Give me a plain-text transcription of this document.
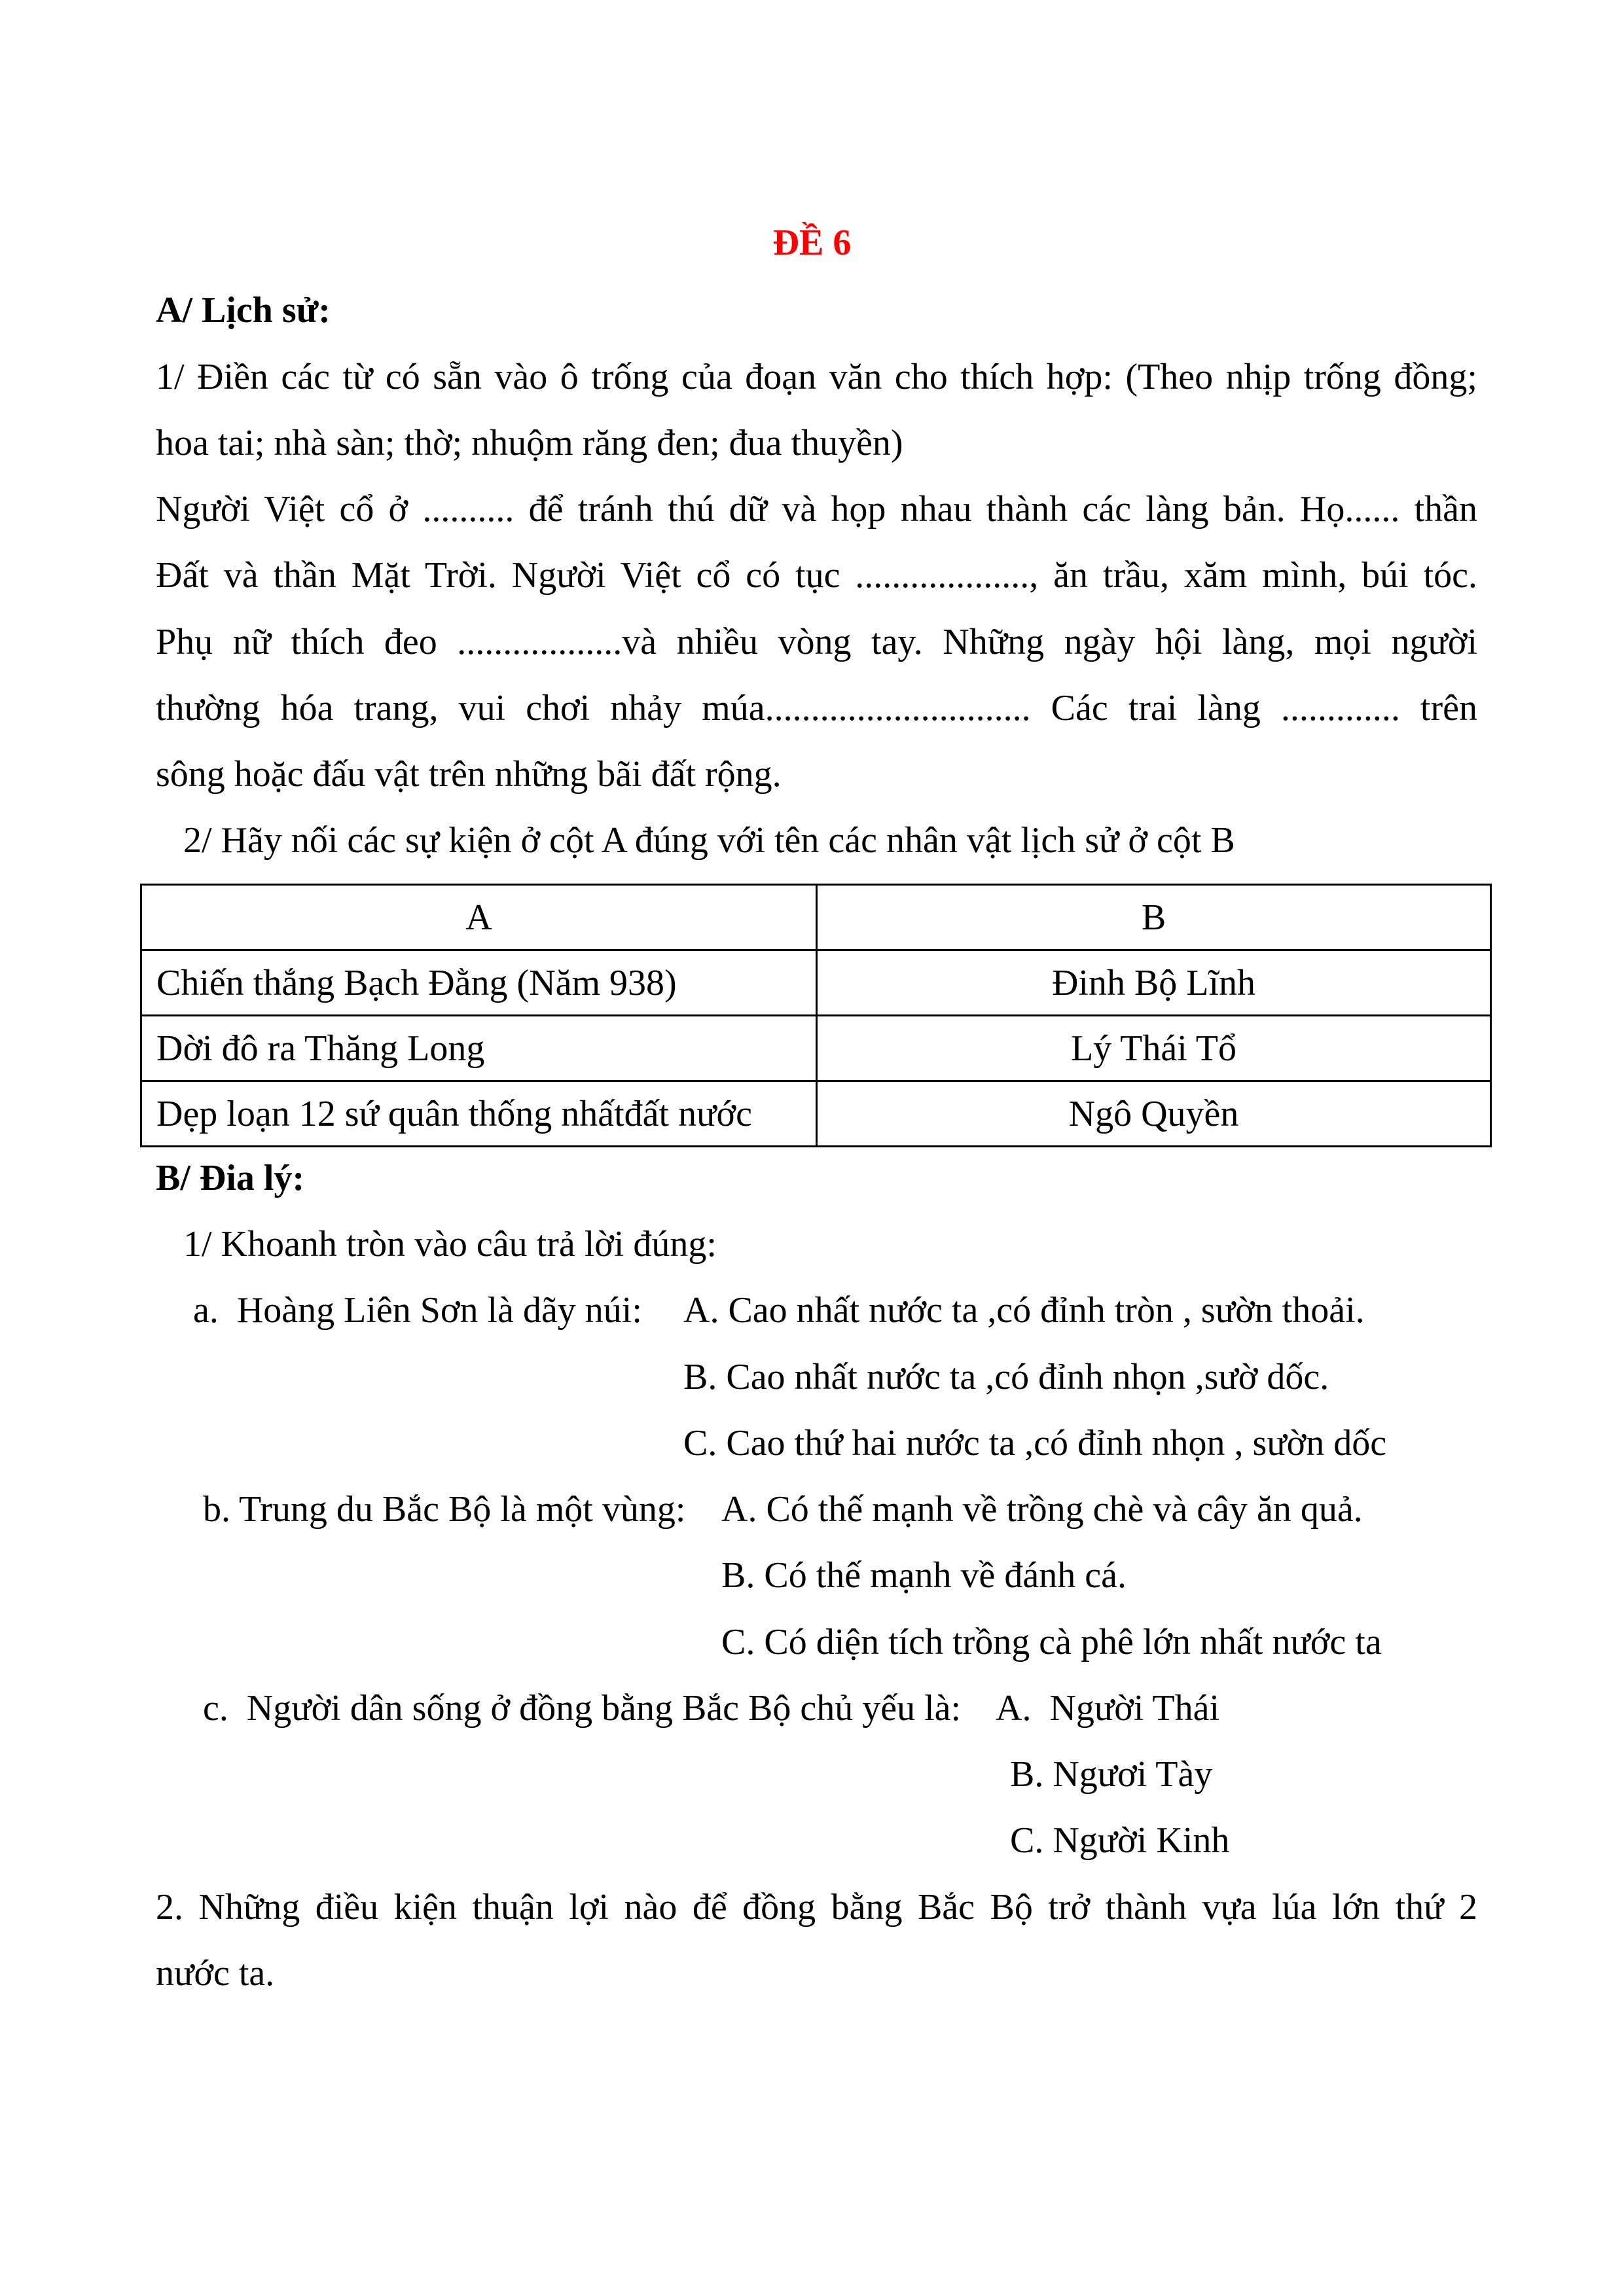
ĐỀ 6
A/ Lịch sử:
1/ Điền các từ có sẵn vào ô trống của đoạn văn cho thích hợp: (Theo nhịp trống đồng;
hoa tai; nhà sàn; thờ; nhuộm răng đen; đua thuyền)
Người Việt cổ ở .......... để tránh thú dữ và họp nhau thành các làng bản. Họ...... thần
Đất và thần Mặt Trời. Người Việt cổ có tục ..................., ăn trầu, xăm mình, búi tóc.
Phụ nữ thích đeo ..................và nhiều vòng tay. Những ngày hội làng, mọi người
thường hóa trang, vui chơi nhảy múa............................. Các trai làng ............. trên
sông hoặc đấu vật trên những bãi đất rộng.
2/ Hãy nối các sự kiện ở cột A đúng với tên các nhân vật lịch sử ở cột B
A	B
Chiến thắng Bạch Đằng (Năm 938)	Đinh Bộ Lĩnh
Dời đô ra Thăng Long	Lý Thái Tổ
Dẹp loạn 12 sứ quân thống nhấtđất nước	Ngô Quyền
B/ Đia lý:
1/ Khoanh tròn vào câu trả lời đúng:
a.  Hoàng Liên Sơn là dãy núi: A. Cao nhất nước ta ,có đỉnh tròn , sườn thoải.
B. Cao nhất nước ta ,có đỉnh nhọn ,sườ dốc.
C. Cao thứ hai nước ta ,có đỉnh nhọn , sườn dốc
b. Trung du Bắc Bộ là một vùng: A. Có thế mạnh về trồng chè và cây ăn quả.
B. Có thế mạnh về đánh cá.
C. Có diện tích trồng cà phê lớn nhất nước ta
c.  Người dân sống ở đồng bằng Bắc Bộ chủ yếu là: A.  Người Thái
B. Ngươi Tày
C. Người Kinh
2. Những điều kiện thuận lợi nào để đồng bằng Bắc Bộ trở thành vựa lúa lớn thứ 2
nước ta.
